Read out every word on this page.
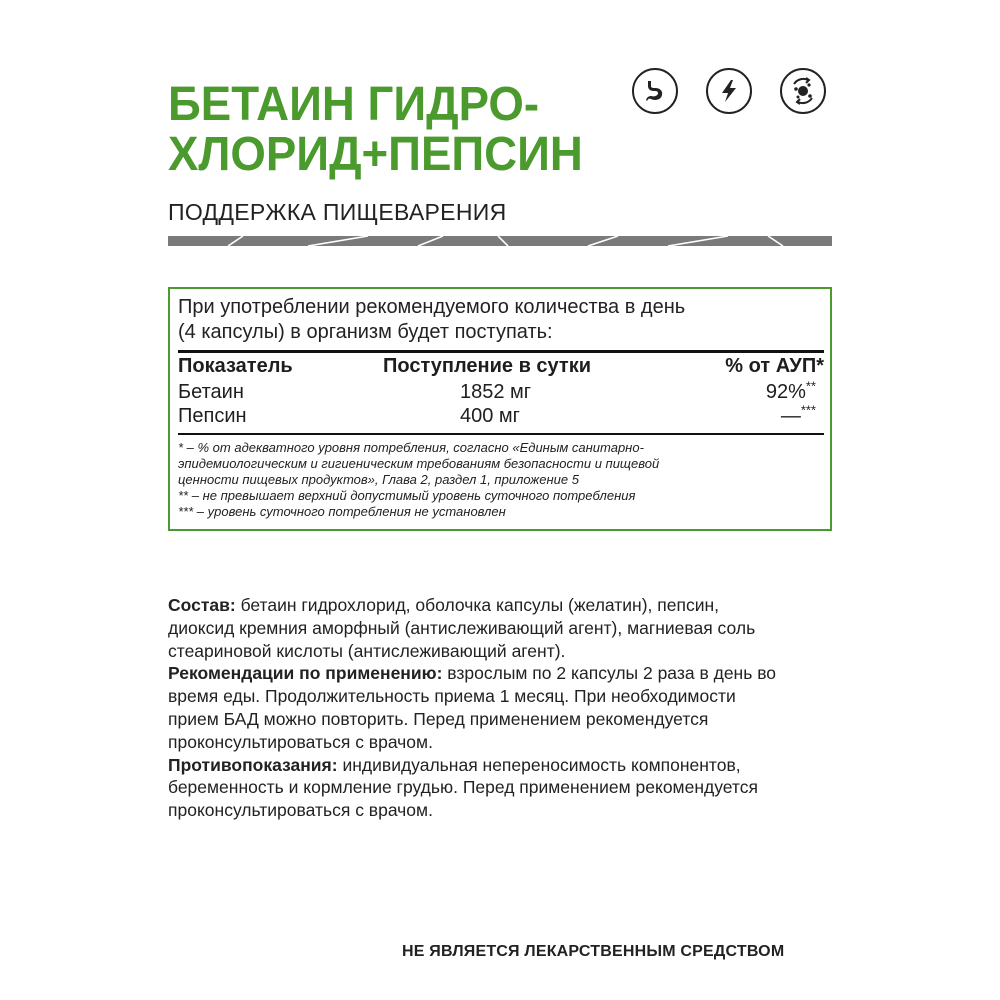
БЕТАИН ГИДРО-
ХЛОРИД+ПЕПСИН
ПОДДЕРЖКА ПИЩЕВАРЕНИЯ
При употреблении рекомендуемого количества в день
(4 капсулы) в организм будет поступать:
Показатель	Поступление в сутки	% от АУП*
Бетаин	1852 мг	92%**
Пепсин	400 мг	—***
* – % от адекватного уровня потребления, согласно «Единым санитарно-
эпидемиологическим и гигиеническим требованиям безопасности и пищевой
ценности пищевых продуктов», Глава 2, раздел 1, приложение 5
** – не превышает верхний допустимый уровень суточного потребления
*** – уровень суточного потребления не установлен
Состав: бетаин гидрохлорид, оболочка капсулы (желатин), пепсин,
диоксид кремния аморфный (антислеживающий агент), магниевая соль
стеариновой кислоты (антислеживающий агент).
Рекомендации по применению: взрослым по 2 капсулы 2 раза в день во
время еды. Продолжительность приема 1 месяц. При необходимости
прием БАД можно повторить. Перед применением рекомендуется
проконсультироваться с врачом.
Противопоказания: индивидуальная непереносимость компонентов,
беременность и кормление грудью. Перед применением рекомендуется
проконсультироваться с врачом.
НЕ ЯВЛЯЕТСЯ ЛЕКАРСТВЕННЫМ СРЕДСТВОМ
